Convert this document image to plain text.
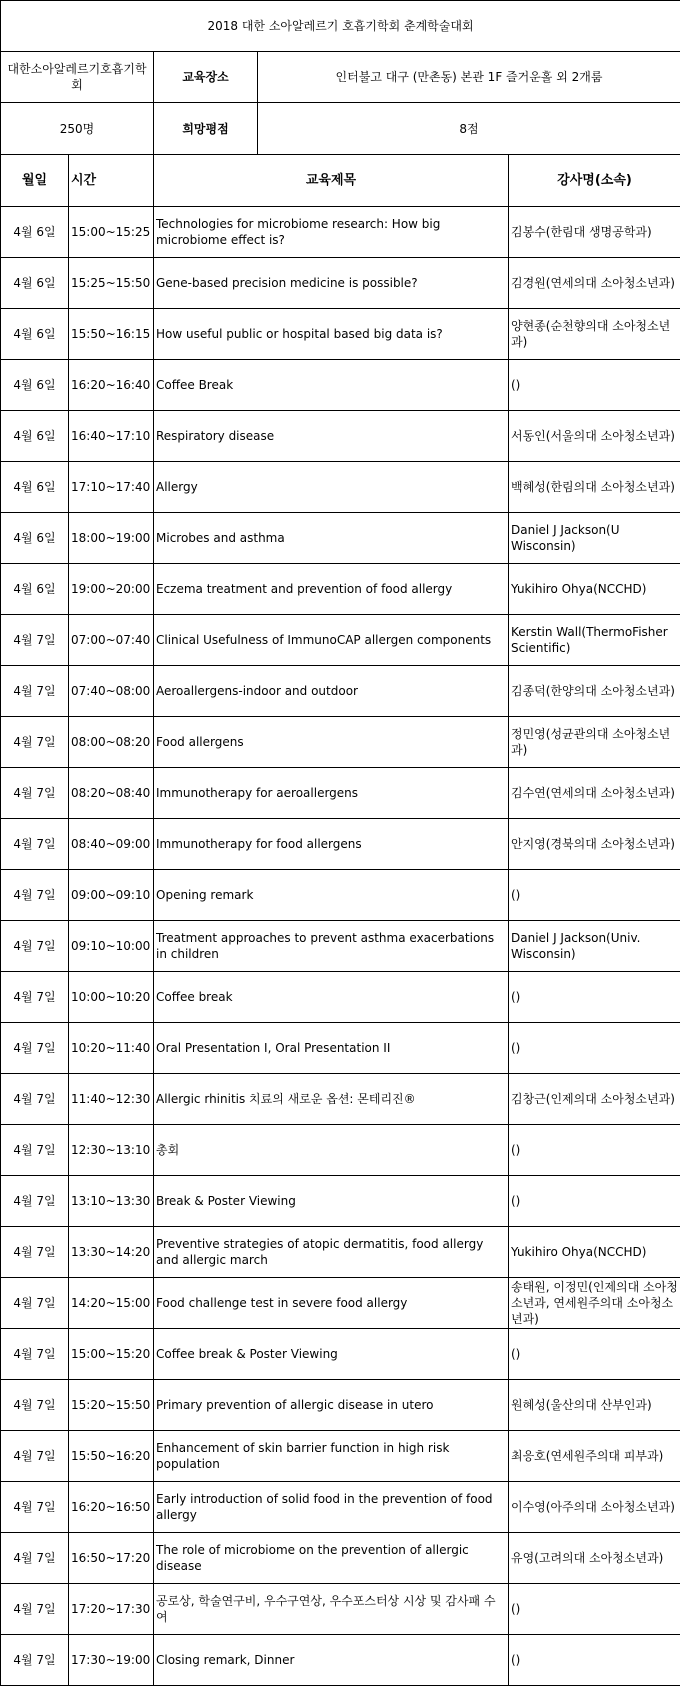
2018 대한 소아알레르기 호흡기학회 춘계학술대회				
대한소아알레르기호흡기학회		교육장소	인터불고 대구 (만촌동) 본관 1F 즐거운홀 외 2개룸	
250명		희망평점	8점	
월일	시간	교육제목		강사명(소속)
4월 6일	15:00~15:25	Technologies for microbiome research: How big microbiome effect is?		김봉수(한림대 생명공학과)
4월 6일	15:25~15:50	Gene-based precision medicine is possible?		김경원(연세의대 소아청소년과)
4월 6일	15:50~16:15	How useful public or hospital based big data is?		양현종(순천향의대 소아청소년과)
4월 6일	16:20~16:40	Coffee Break		()
4월 6일	16:40~17:10	Respiratory disease		서동인(서울의대 소아청소년과)
4월 6일	17:10~17:40	Allergy		백혜성(한림의대 소아청소년과)
4월 6일	18:00~19:00	Microbes and asthma		Daniel J Jackson(U Wisconsin)
4월 6일	19:00~20:00	Eczema treatment and prevention of food allergy		Yukihiro Ohya(NCCHD)
4월 7일	07:00~07:40	Clinical Usefulness of ImmunoCAP allergen components		Kerstin Wall(ThermoFisher Scientific)
4월 7일	07:40~08:00	Aeroallergens-indoor and outdoor		김종덕(한양의대 소아청소년과)
4월 7일	08:00~08:20	Food allergens		정민영(성균관의대 소아청소년과)
4월 7일	08:20~08:40	Immunotherapy for aeroallergens		김수연(연세의대 소아청소년과)
4월 7일	08:40~09:00	Immunotherapy for food allergens		안지영(경북의대 소아청소년과)
4월 7일	09:00~09:10	Opening remark		()
4월 7일	09:10~10:00	Treatment approaches to prevent asthma exacerbations in children		Daniel J Jackson(Univ. Wisconsin)
4월 7일	10:00~10:20	Coffee break		()
4월 7일	10:20~11:40	Oral Presentation I, Oral Presentation II		()
4월 7일	11:40~12:30	Allergic rhinitis 치료의 새로운 옵션: 몬테리진®		김창근(인제의대 소아청소년과)
4월 7일	12:30~13:10	총회		()
4월 7일	13:10~13:30	Break & Poster Viewing		()
4월 7일	13:30~14:20	Preventive strategies of atopic dermatitis, food allergy and allergic march		Yukihiro Ohya(NCCHD)
4월 7일	14:20~15:00	Food challenge test in severe food allergy		송태원, 이정민(인제의대 소아청소년과, 연세원주의대 소아청소년과)
4월 7일	15:00~15:20	Coffee break & Poster Viewing		()
4월 7일	15:20~15:50	Primary prevention of allergic disease in utero		원혜성(울산의대 산부인과)
4월 7일	15:50~16:20	Enhancement of skin barrier function in high risk population		최응호(연세원주의대 피부과)
4월 7일	16:20~16:50	Early introduction of solid food in the prevention of food allergy		이수영(아주의대 소아청소년과)
4월 7일	16:50~17:20	The role of microbiome on the prevention of allergic disease		유영(고려의대 소아청소년과)
4월 7일	17:20~17:30	공로상, 학술연구비, 우수구연상, 우수포스터상 시상 및 감사패 수여		()
4월 7일	17:30~19:00	Closing remark, Dinner		()
